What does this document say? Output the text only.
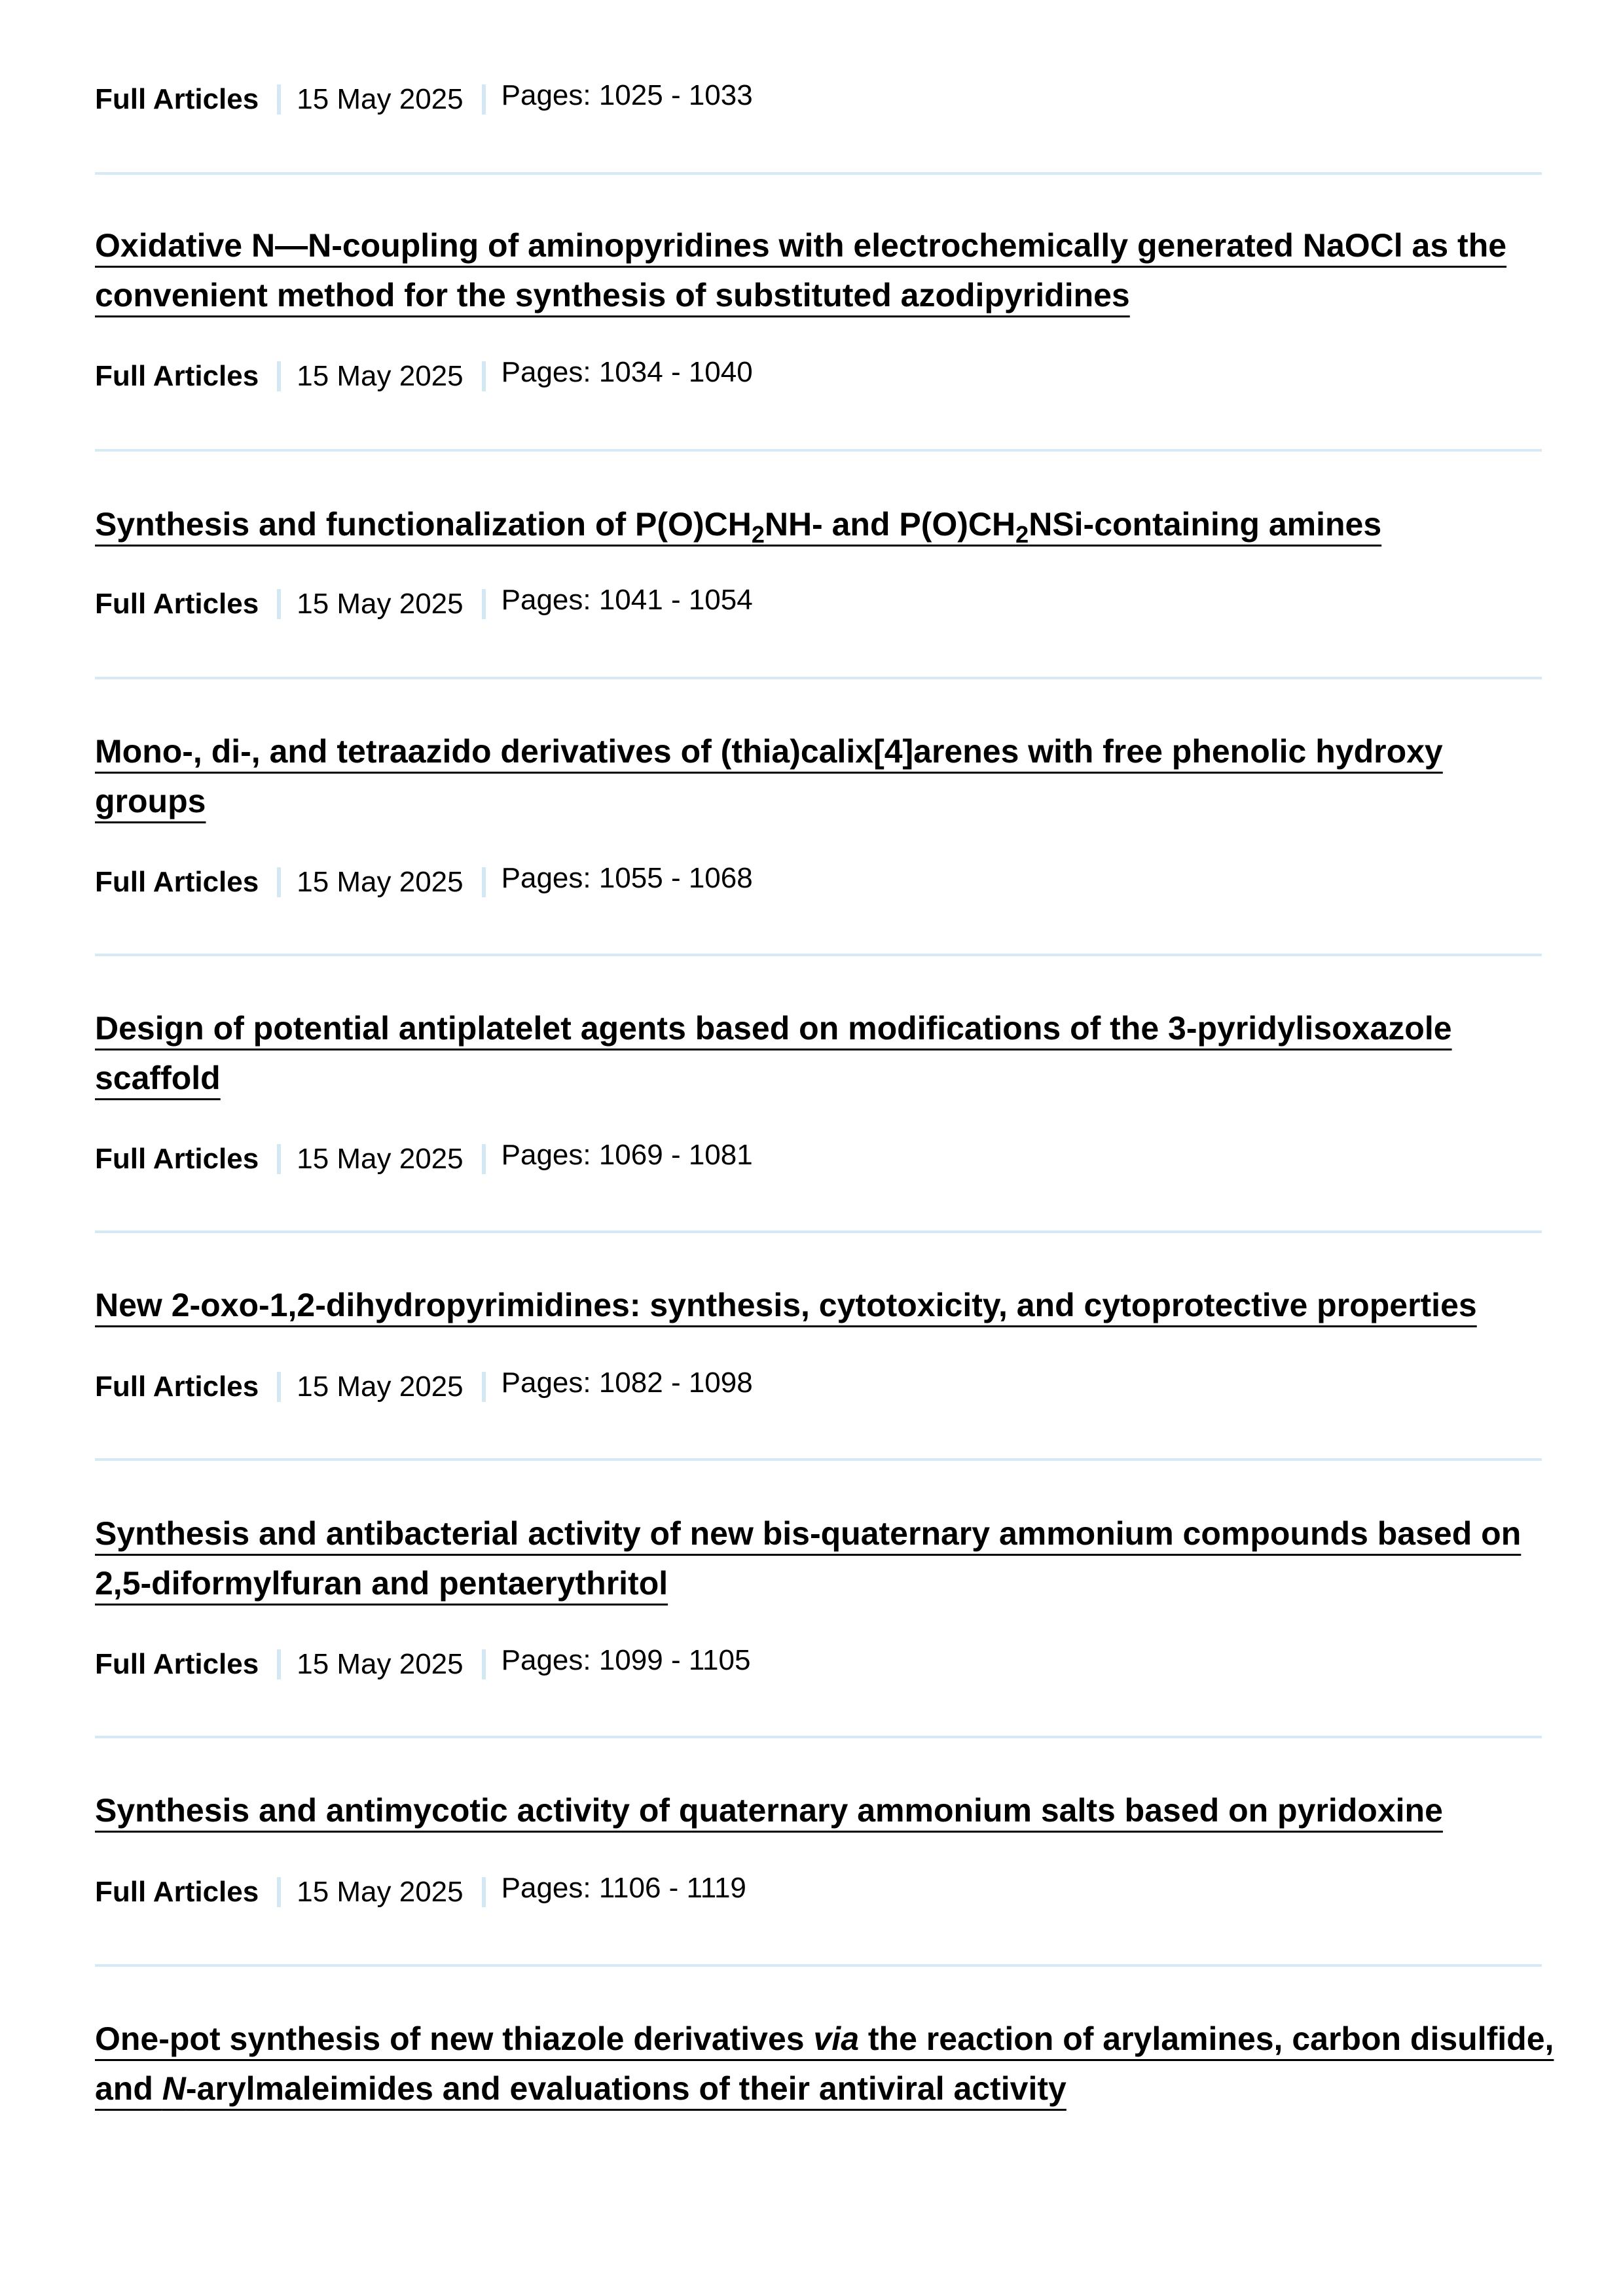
Full Articles 15 May 2025 Pages: 1025 - 1033
Oxidative N—N-coupling of aminopyridines with electrochemically generated NaOCl as the convenient method for the synthesis of substituted azodipyridines
Full Articles 15 May 2025 Pages: 1034 - 1040
Synthesis and functionalization of $P(O)CH_2NH-$ and $P(O)CH_2NSi$-containing amines
Full Articles 15 May 2025 Pages: 1041 - 1054
Mono-, di-, and tetraazido derivatives of (thia)calix[4]arenes with free phenolic hydroxy groups
Full Articles 15 May 2025 Pages: 1055 - 1068
Design of potential antiplatelet agents based on modifications of the 3-pyridylisoxazole scaffold
Full Articles 15 May 2025 Pages: 1069 - 1081
New 2-oxo-1,2-dihydropyrimidines: synthesis, cytotoxicity, and cytoprotective properties
Full Articles 15 May 2025 Pages: 1082 - 1098
Synthesis and antibacterial activity of new bis-quaternary ammonium compounds based on 2,5-diformylfuran and pentaerythritol
Full Articles 15 May 2025 Pages: 1099 - 1105
Synthesis and antimycotic activity of quaternary ammonium salts based on pyridoxine
Full Articles 15 May 2025 Pages: 1106 - 1119
One-pot synthesis of new thiazole derivatives via the reaction of arylamines, carbon disulfide, and N-arylmaleimides and evaluations of their antiviral activity
